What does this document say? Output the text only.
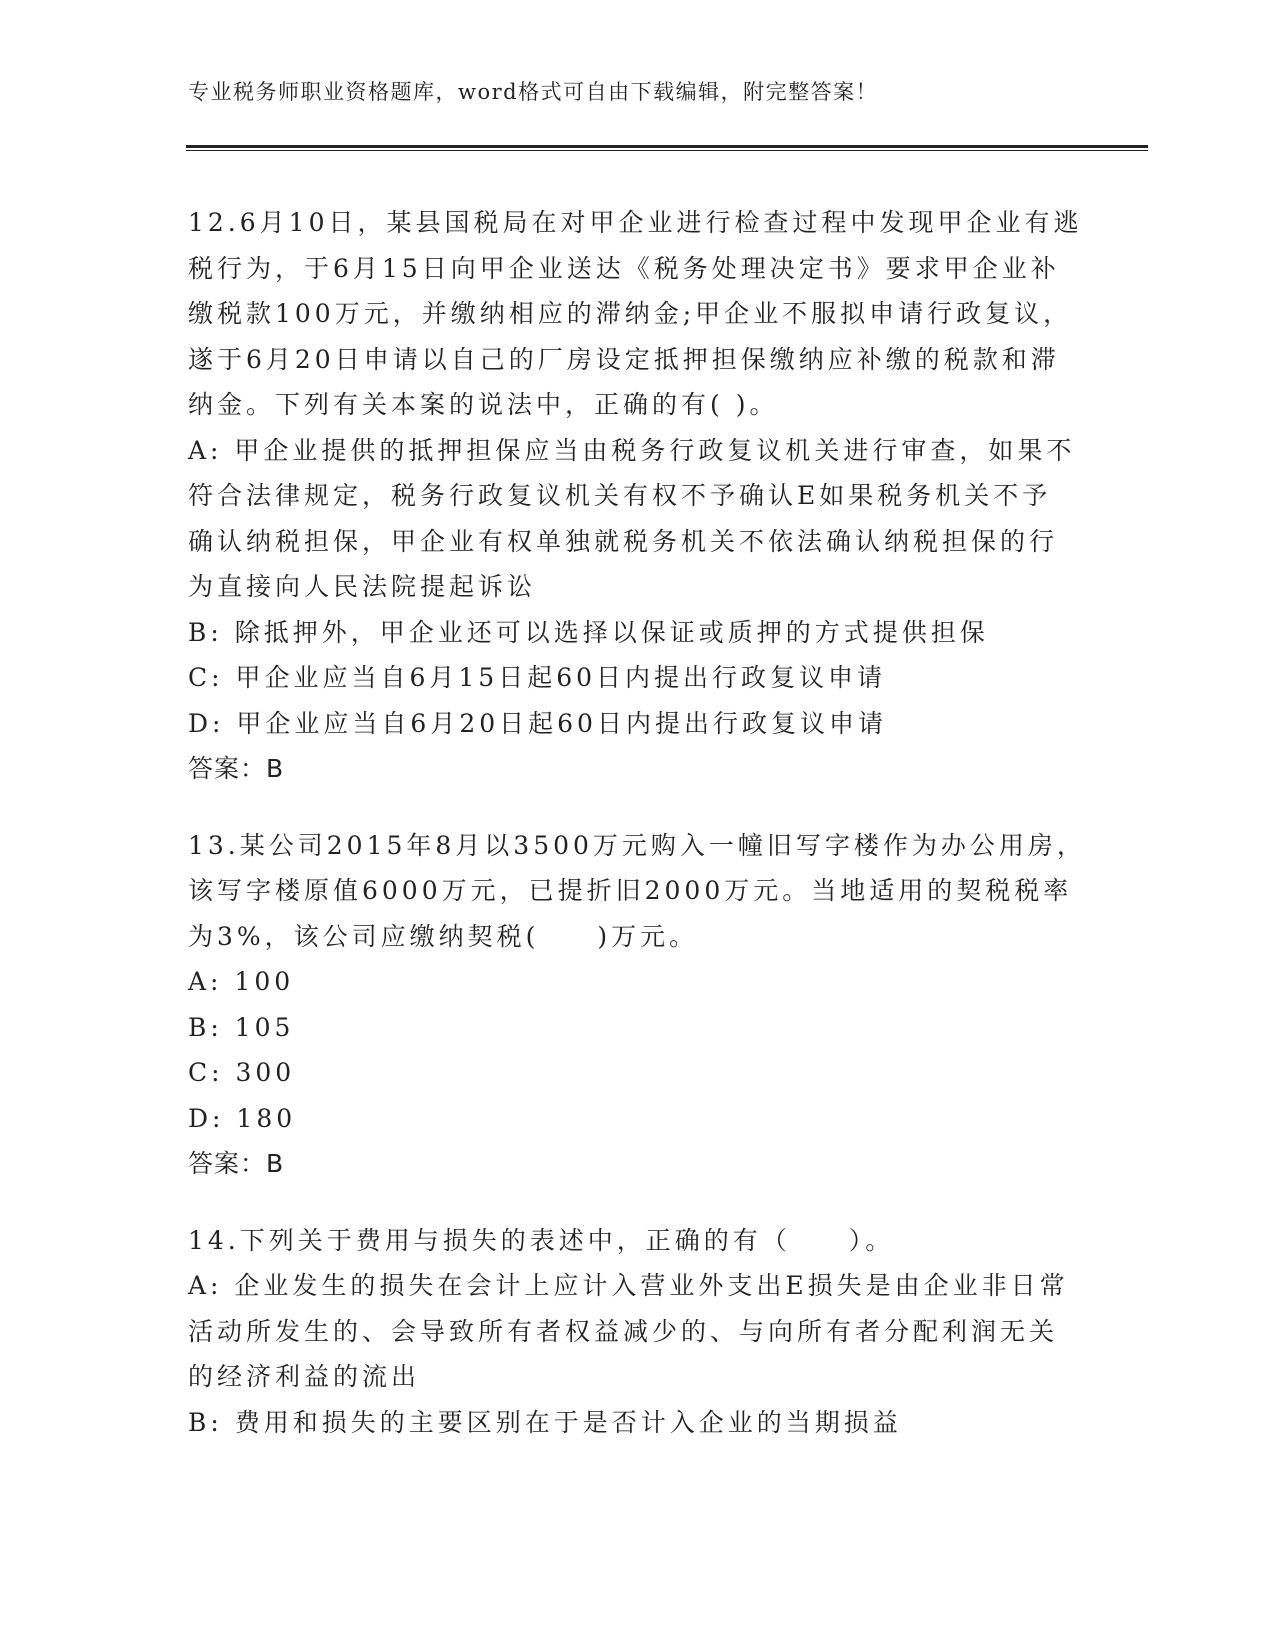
专业税务师职业资格题库，word格式可自由下载编辑，附完整答案！
12.6月10日，某县国税局在对甲企业进行检查过程中发现甲企业有逃
税行为，于6月15日向甲企业送达《税务处理决定书》要求甲企业补
缴税款100万元，并缴纳相应的滞纳金;甲企业不服拟申请行政复议，
遂于6月20日申请以自己的厂房设定抵押担保缴纳应补缴的税款和滞
纳金。下列有关本案的说法中，正确的有( )。
A: 甲企业提供的抵押担保应当由税务行政复议机关进行审查，如果不
符合法律规定，税务行政复议机关有权不予确认E如果税务机关不予
确认纳税担保，甲企业有权单独就税务机关不依法确认纳税担保的行
为直接向人民法院提起诉讼
B: 除抵押外，甲企业还可以选择以保证或质押的方式提供担保
C: 甲企业应当自6月15日起60日内提出行政复议申请
D: 甲企业应当自6月20日起60日内提出行政复议申请
答案：B
13.某公司2015年8月以3500万元购入一幢旧写字楼作为办公用房，
该写字楼原值6000万元，已提折旧2000万元。当地适用的契税税率
为3%，该公司应缴纳契税(　　)万元。
A: 100
B: 105
C: 300
D: 180
答案：B
14.下列关于费用与损失的表述中，正确的有（　　）。
A: 企业发生的损失在会计上应计入营业外支出E损失是由企业非日常
活动所发生的、会导致所有者权益减少的、与向所有者分配利润无关
的经济利益的流出
B: 费用和损失的主要区别在于是否计入企业的当期损益
